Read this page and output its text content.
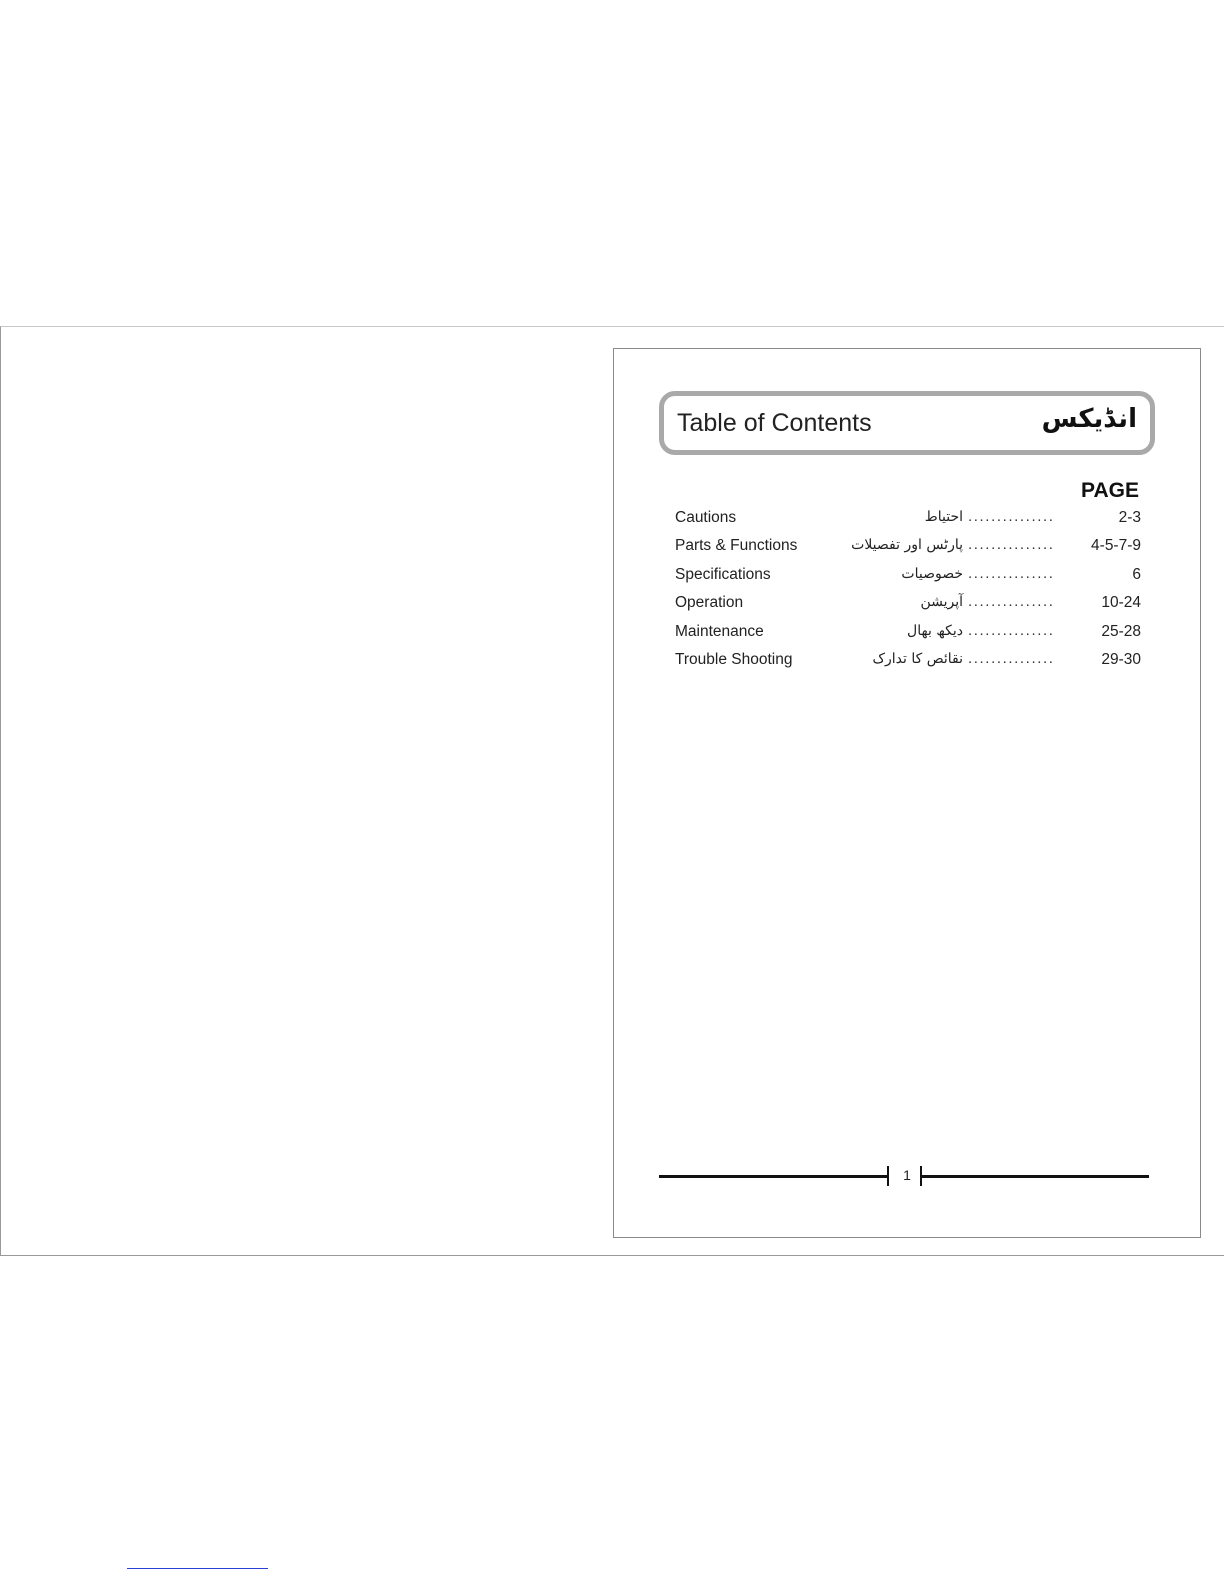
Table of Contents	انڈیکس
PAGE
Cautions	احتیاط ...............	2-3
Parts & Functions	پارٹس اور تفصیلات ............... 4-5-7-9
Specifications	خصوصیات ...............	6
Operation	آپریشن ...............	10-24
Maintenance	دیکھ بھال ...............	25-28
Trouble Shooting	نقائص کا تدارک ...............	29-30
1
